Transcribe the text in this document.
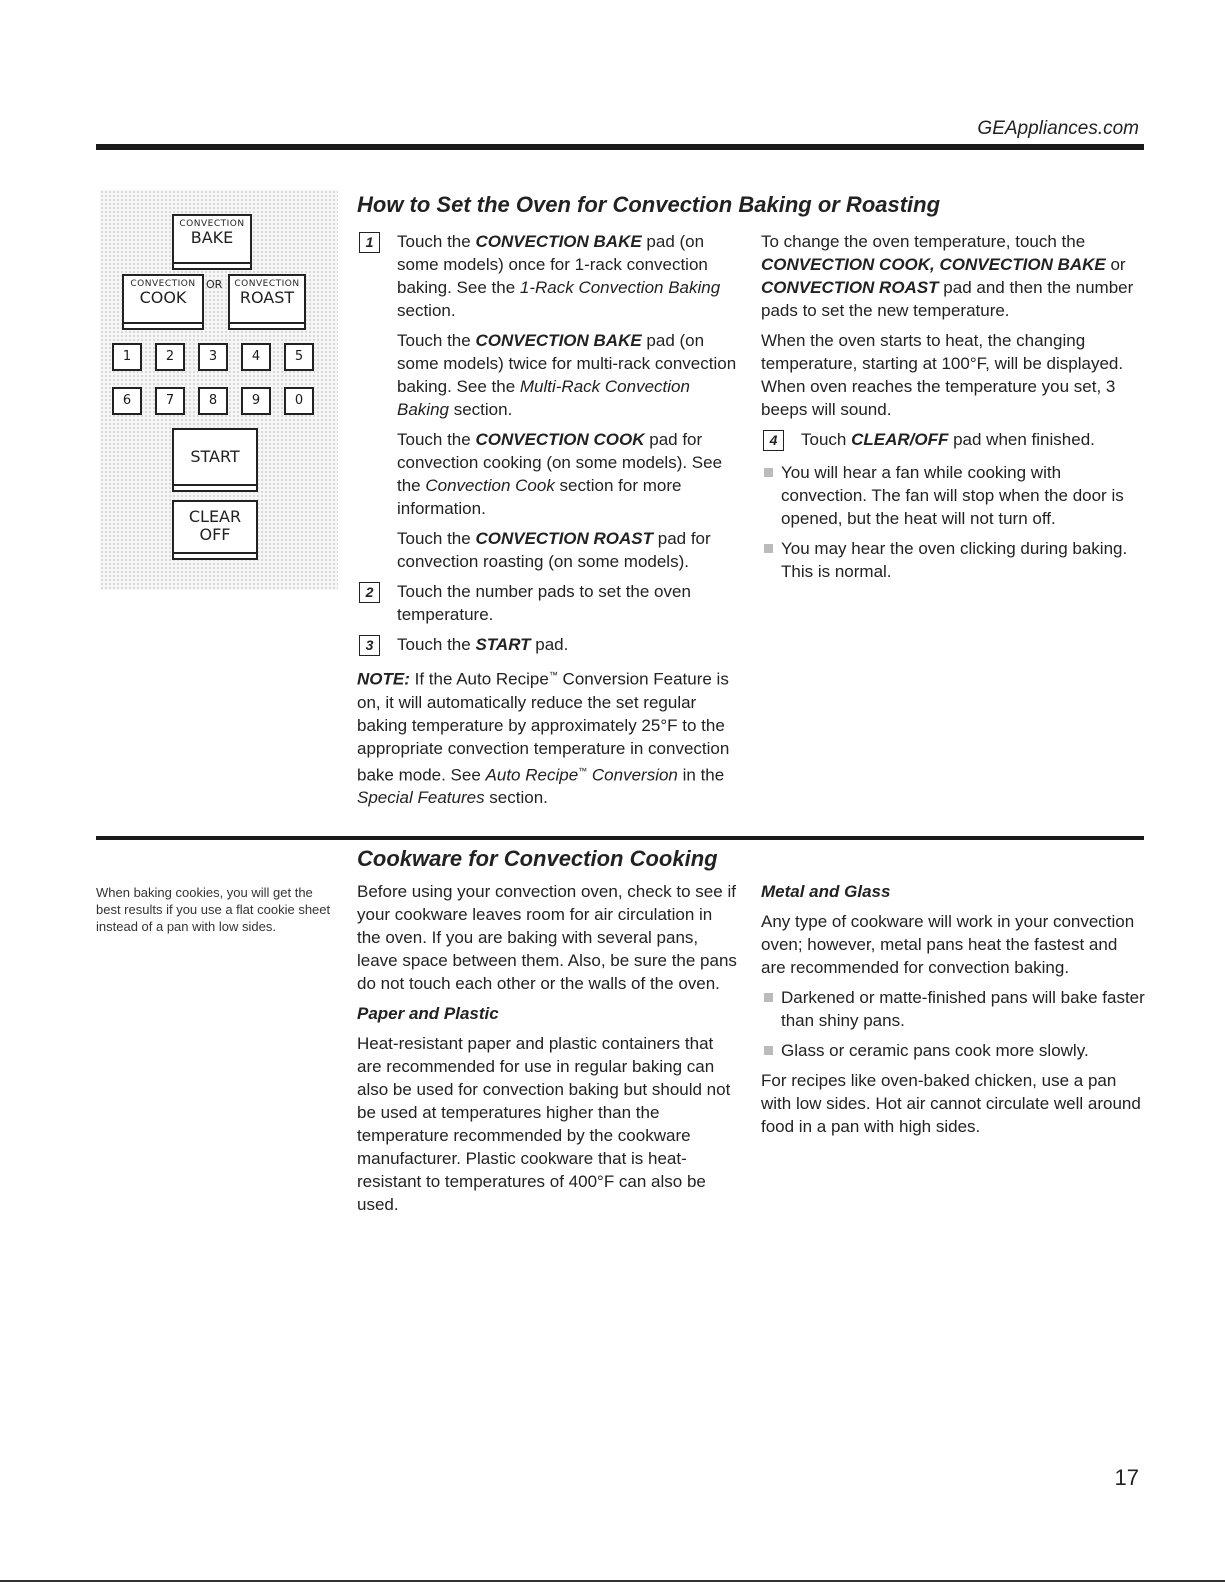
GEAppliances.com
CONVECTION
BAKE
CONVECTION
COOK
OR	CONVECTION
ROAST
1	2	3	4	5
6	7	8	9	0
START
CLEAR
OFF
How to Set the Oven for Convection Baking or Roasting
1	Touch the CONVECTION BAKE pad (on some models) once for 1-rack convection baking. See the 1-Rack Convection Baking section.

Touch the CONVECTION BAKE pad (on some models) twice for multi-rack convection baking. See the Multi-Rack Convection Baking section.

Touch the CONVECTION COOK pad for convection cooking (on some models). See the Convection Cook section for more information.

Touch the CONVECTION ROAST pad for convection roasting (on some models).

2	Touch the number pads to set the oven temperature.

3	Touch the START pad.

NOTE: If the Auto Recipe™ Conversion Feature is on, it will automatically reduce the set regular baking temperature by approximately 25°F to the appropriate convection temperature in convection bake mode. See Auto Recipe™ Conversion in the Special Features section.

To change the oven temperature, touch the CONVECTION COOK, CONVECTION BAKE or CONVECTION ROAST pad and then the number pads to set the new temperature.

When the oven starts to heat, the changing temperature, starting at 100°F, will be displayed. When oven reaches the temperature you set, 3 beeps will sound.

4	Touch CLEAR/OFF pad when finished.

You will hear a fan while cooking with convection. The fan will stop when the door is opened, but the heat will not turn off.

You may hear the oven clicking during baking. This is normal.

When baking cookies, you will get the best results if you use a flat cookie sheet instead of a pan with low sides.
Cookware for Convection Cooking

Before using your convection oven, check to see if your cookware leaves room for air circulation in the oven. If you are baking with several pans, leave space between them. Also, be sure the pans do not touch each other or the walls of the oven.

Paper and Plastic

Heat-resistant paper and plastic containers that are recommended for use in regular baking can also be used for convection baking but should not be used at temperatures higher than the temperature recommended by the cookware manufacturer. Plastic cookware that is heat-resistant to temperatures of 400°F can also be used.

Metal and Glass

Any type of cookware will work in your convection oven; however, metal pans heat the fastest and are recommended for convection baking.

Darkened or matte-finished pans will bake faster than shiny pans.

Glass or ceramic pans cook more slowly.

For recipes like oven-baked chicken, use a pan with low sides. Hot air cannot circulate well around food in a pan with high sides.

17
